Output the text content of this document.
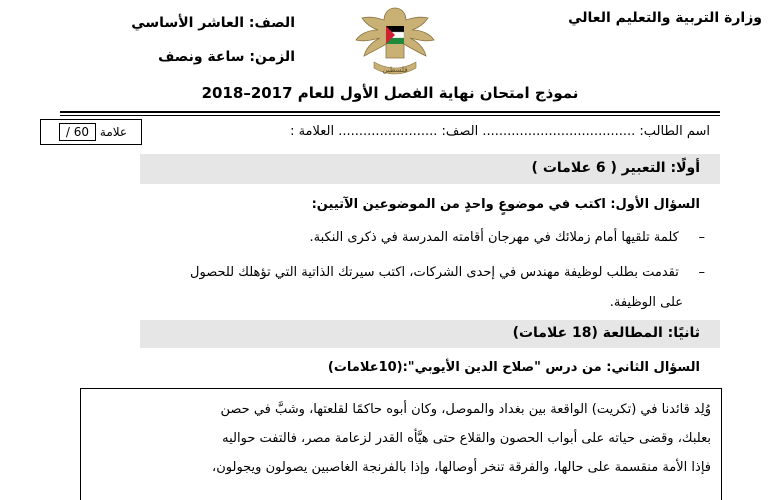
وزارة التربية والتعليم العالي
الصف: العاشر الأساسي
الزمن: ساعة ونصف
فلسطين
نموذج امتحان نهاية الفصل الأول للعام 2017–2018
اسم الطالب: ..................................... الصف: ........................ العلامة :
/ 60 علامة
أولًا: التعبير ( 6 علامات )
السؤال الأول: اكتب في موضوعٍ واحدٍ من الموضوعين الآتيين:
– كلمة تلقيها أمام زملائك في مهرجان أقامته المدرسة في ذكرى النكبة.
– تقدمت بطلب لوظيفة مهندس في إحدى الشركات، اكتب سيرتك الذاتية التي تؤهلك للحصول
على الوظيفة.
ثانيًا: المطالعة (18 علامات)
السؤال الثاني: من درس "صلاح الدين الأيوبي":(10علامات)

وُلِد قائدنا في (تكريت) الواقعة بين بغداد والموصل، وكان أبوه حاكمًا لقلعتها، وشبَّ في حصن

بعلبك، وقضى حياته على أبواب الحصون والقلاع حتى هيَّأه القدر لزعامة مصر، فالتفت حواليه

فإذا الأمة منقسمة على حالها، والفرقة تنخر أوصالها، وإذا بالفرنجة الغاصبين يصولون ويجولون،
